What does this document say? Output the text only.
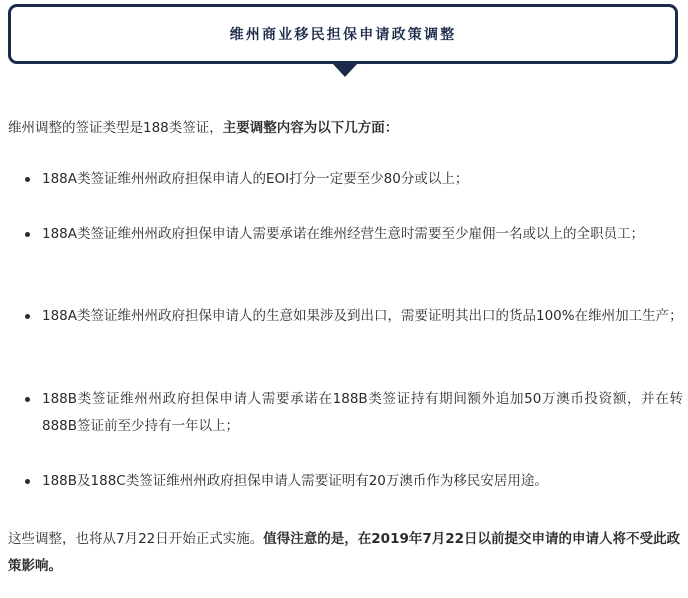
维州商业移民担保申请政策调整

维州调整的签证类型是188类签证，主要调整内容为以下几方面：

188A类签证维州州政府担保申请人的EOI打分一定要至少80分或以上；
188A类签证维州州政府担保申请人需要承诺在维州经营生意时需要至少雇佣一名或以上的全职员工；
188A类签证维州州政府担保申请人的生意如果涉及到出口，需要证明其出口的货品100%在维州加工生产；
188B类签证维州州政府担保申请人需要承诺在188B类签证持有期间额外追加50万澳币投资额，并在转888B签证前至少持有一年以上；
188B及188C类签证维州州政府担保申请人需要证明有20万澳币作为移民安居用途。

这些调整，也将从7月22日开始正式实施。值得注意的是，在2019年7月22日以前提交申请的申请人将不受此政策影响。
